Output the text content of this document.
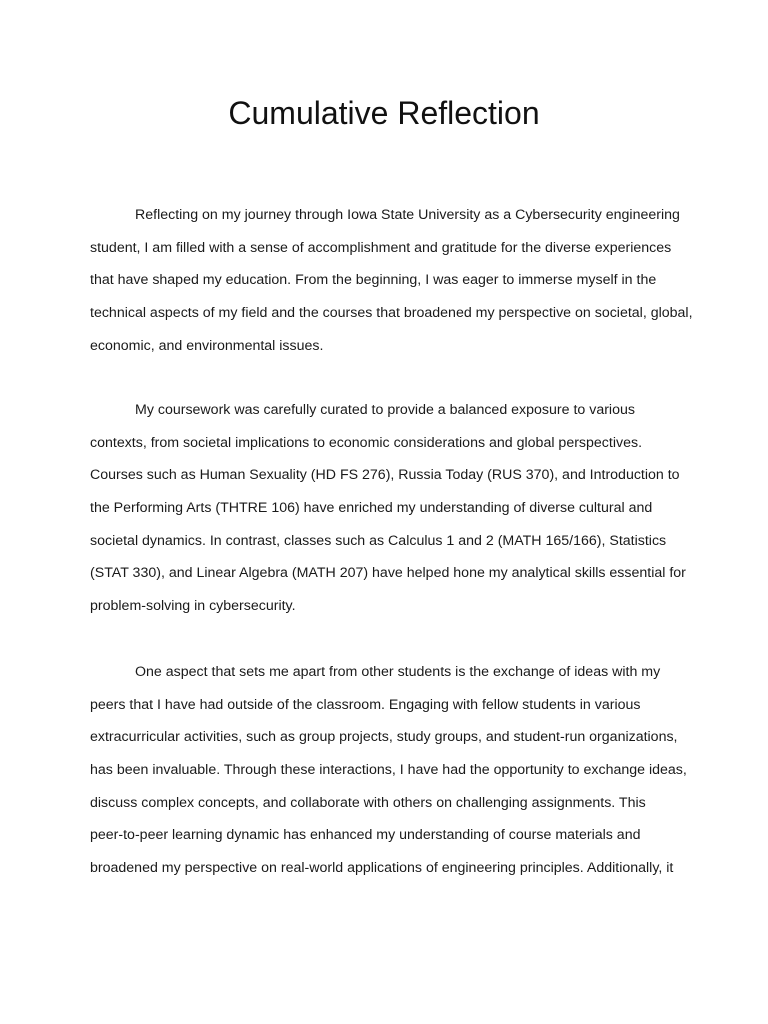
Cumulative Reflection
Reflecting on my journey through Iowa State University as a Cybersecurity engineering
student, I am filled with a sense of accomplishment and gratitude for the diverse experiences
that have shaped my education. From the beginning, I was eager to immerse myself in the
technical aspects of my field and the courses that broadened my perspective on societal, global,
economic, and environmental issues.
My coursework was carefully curated to provide a balanced exposure to various
contexts, from societal implications to economic considerations and global perspectives.
Courses such as Human Sexuality (HD FS 276), Russia Today (RUS 370), and Introduction to
the Performing Arts (THTRE 106) have enriched my understanding of diverse cultural and
societal dynamics. In contrast, classes such as Calculus 1 and 2 (MATH 165/166), Statistics
(STAT 330), and Linear Algebra (MATH 207) have helped hone my analytical skills essential for
problem-solving in cybersecurity.
One aspect that sets me apart from other students is the exchange of ideas with my
peers that I have had outside of the classroom. Engaging with fellow students in various
extracurricular activities, such as group projects, study groups, and student-run organizations,
has been invaluable. Through these interactions, I have had the opportunity to exchange ideas,
discuss complex concepts, and collaborate with others on challenging assignments. This
peer-to-peer learning dynamic has enhanced my understanding of course materials and
broadened my perspective on real-world applications of engineering principles. Additionally, it
